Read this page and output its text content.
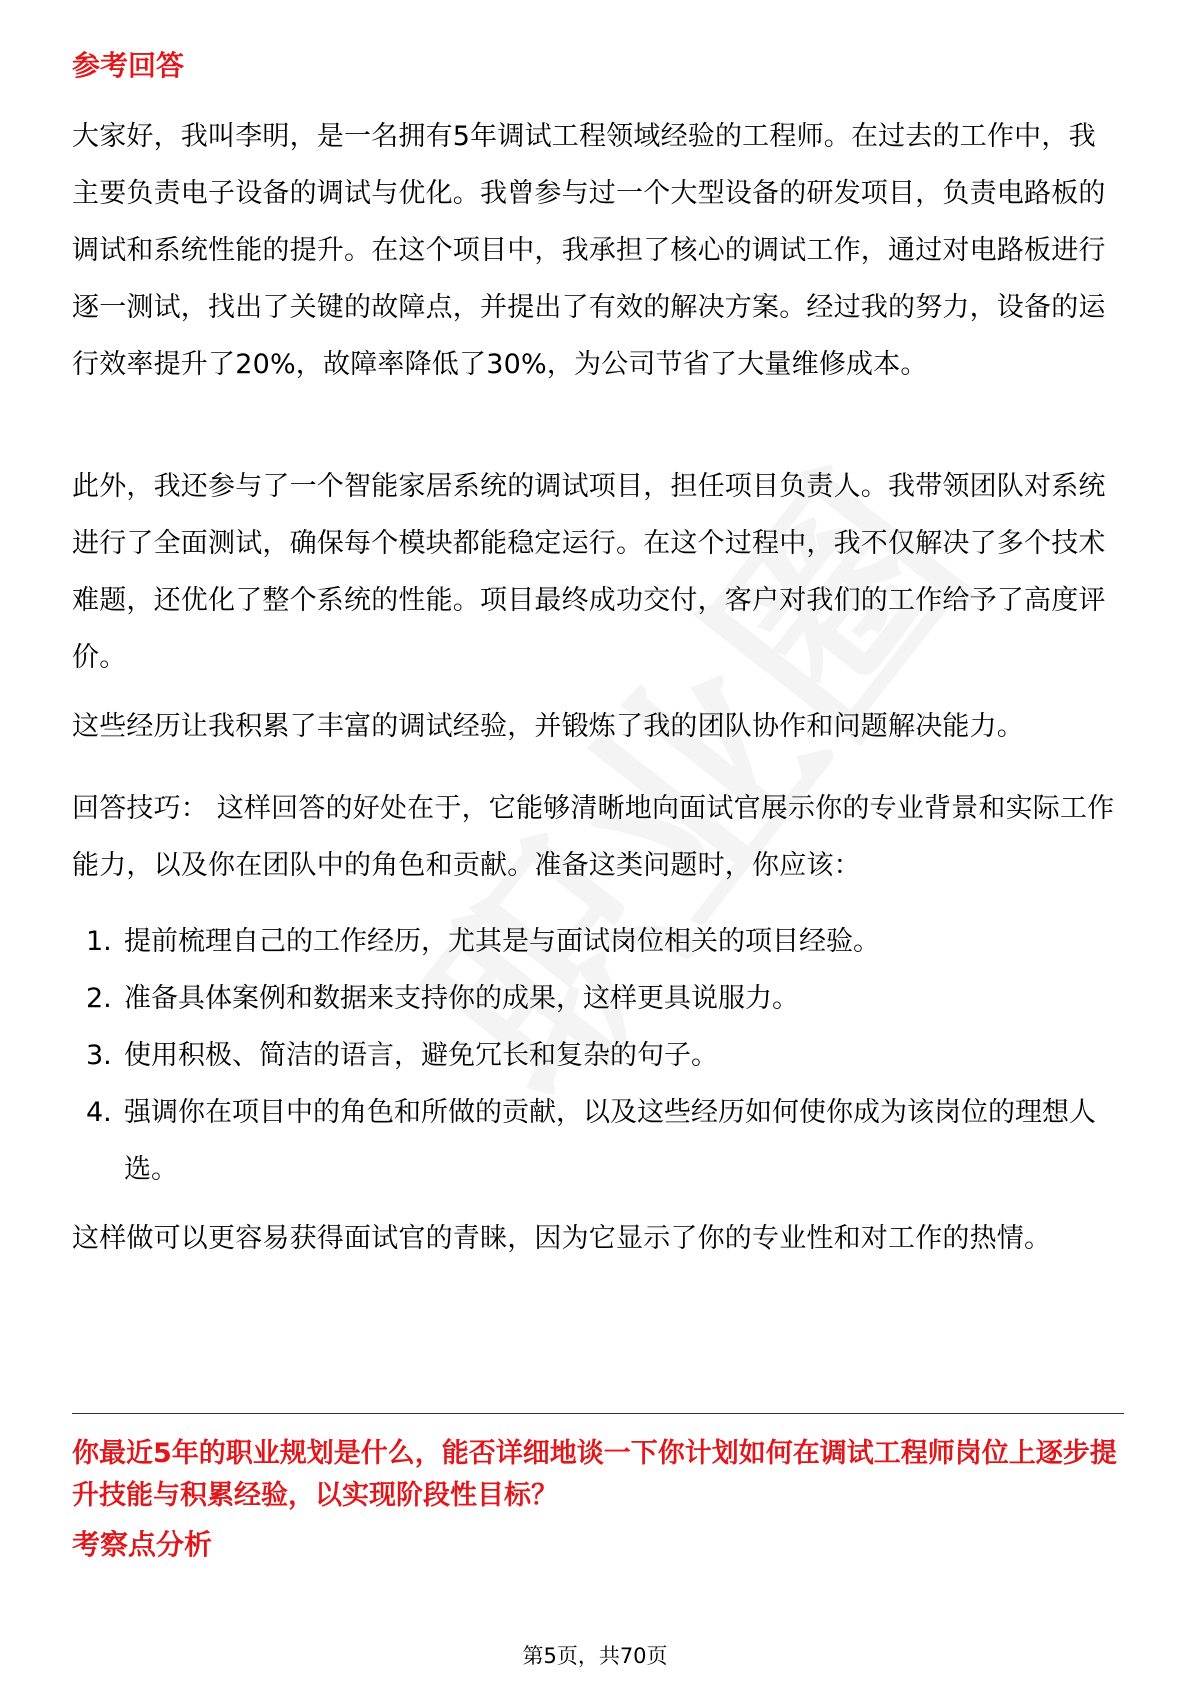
参考回答

大家好，我叫李明，是一名拥有5年调试工程领域经验的工程师。在过去的工作中，我主要负责电子设备的调试与优化。我曾参与过一个大型设备的研发项目，负责电路板的调试和系统性能的提升。在这个项目中，我承担了核心的调试工作，通过对电路板进行逐一测试，找出了关键的故障点，并提出了有效的解决方案。经过我的努力，设备的运行效率提升了20%，故障率降低了30%，为公司节省了大量维修成本。

此外，我还参与了一个智能家居系统的调试项目，担任项目负责人。我带领团队对系统进行了全面测试，确保每个模块都能稳定运行。在这个过程中，我不仅解决了多个技术难题，还优化了整个系统的性能。项目最终成功交付，客户对我们的工作给予了高度评价。

这些经历让我积累了丰富的调试经验，并锻炼了我的团队协作和问题解决能力。

回答技巧： 这样回答的好处在于，它能够清晰地向面试官展示你的专业背景和实际工作能力，以及你在团队中的角色和贡献。准备这类问题时，你应该：

1. 提前梳理自己的工作经历，尤其是与面试岗位相关的项目经验。
2. 准备具体案例和数据来支持你的成果，这样更具说服力。
3. 使用积极、简洁的语言，避免冗长和复杂的句子。
4. 强调你在项目中的角色和所做的贡献，以及这些经历如何使你成为该岗位的理想人选。

这样做可以更容易获得面试官的青睐，因为它显示了你的专业性和对工作的热情。

你最近5年的职业规划是什么，能否详细地谈一下你计划如何在调试工程师岗位上逐步提升技能与积累经验，以实现阶段性目标？
考察点分析
第5页，共70页
